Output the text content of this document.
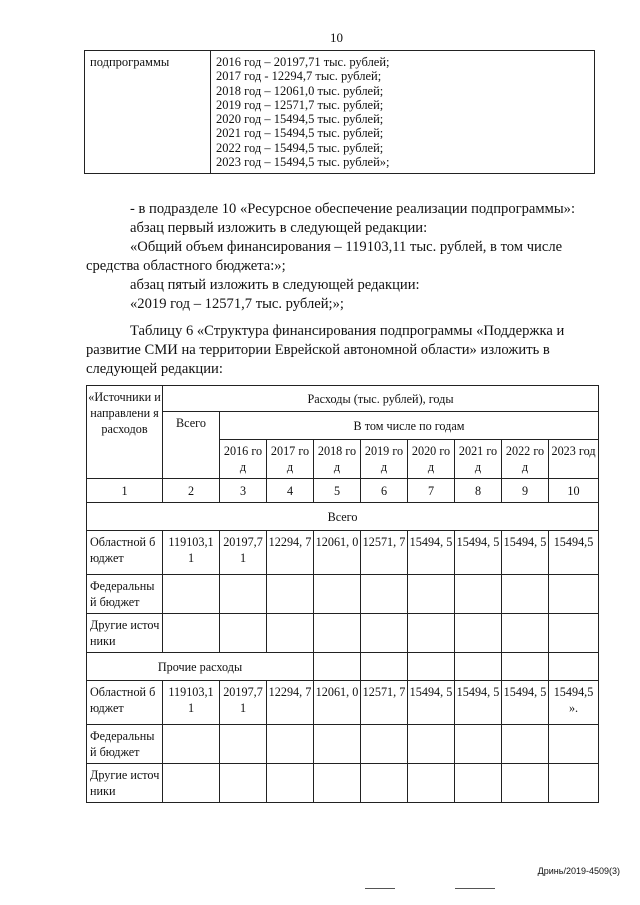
10
подпрограммы	2016 год – 20197,71 тыс. рублей;
2017 год - 12294,7 тыс. рублей;
2018 год – 12061,0 тыс. рублей;
2019 год – 12571,7 тыс. рублей;
2020 год – 15494,5 тыс. рублей;
2021 год – 15494,5 тыс. рублей;
2022 год – 15494,5 тыс. рублей;
2023 год – 15494,5 тыс. рублей»;
- в подразделе 10 «Ресурсное обеспечение реализации подпрограммы»:
абзац первый изложить в следующей редакции:
«Общий объем финансирования – 119103,11 тыс. рублей, в том числе
средства областного бюджета:»;
абзац пятый изложить в следующей редакции:
«2019 год – 12571,7 тыс. рублей;»;
Таблицу 6 «Структура финансирования подпрограммы «Поддержка и
развитие СМИ на территории Еврейской автономной области» изложить в
следующей редакции:
«Источники и направлени я расходов	Расходы (тыс. рублей), годы								
	Всего	В том числе по годам							
		2016 год	2017 год	2018 год	2019 год	2020 год	2021 год	2022 год	2023 год
1	2	3	4	5	6	7	8	9	10
Всего									
Областной бюджет	119103,1 1	20197,7 1	12294, 7	12061, 0	12571, 7	15494, 5	15494, 5	15494, 5	15494,5
Федеральны й бюджет									
Другие источники									
Прочие расходы									
Областной бюджет	119103,1 1	20197,7 1	12294, 7	12061, 0	12571, 7	15494, 5	15494, 5	15494, 5	15494,5 ».
Федеральны й бюджет									
Другие источники									
Дринь/2019-4509(3)
